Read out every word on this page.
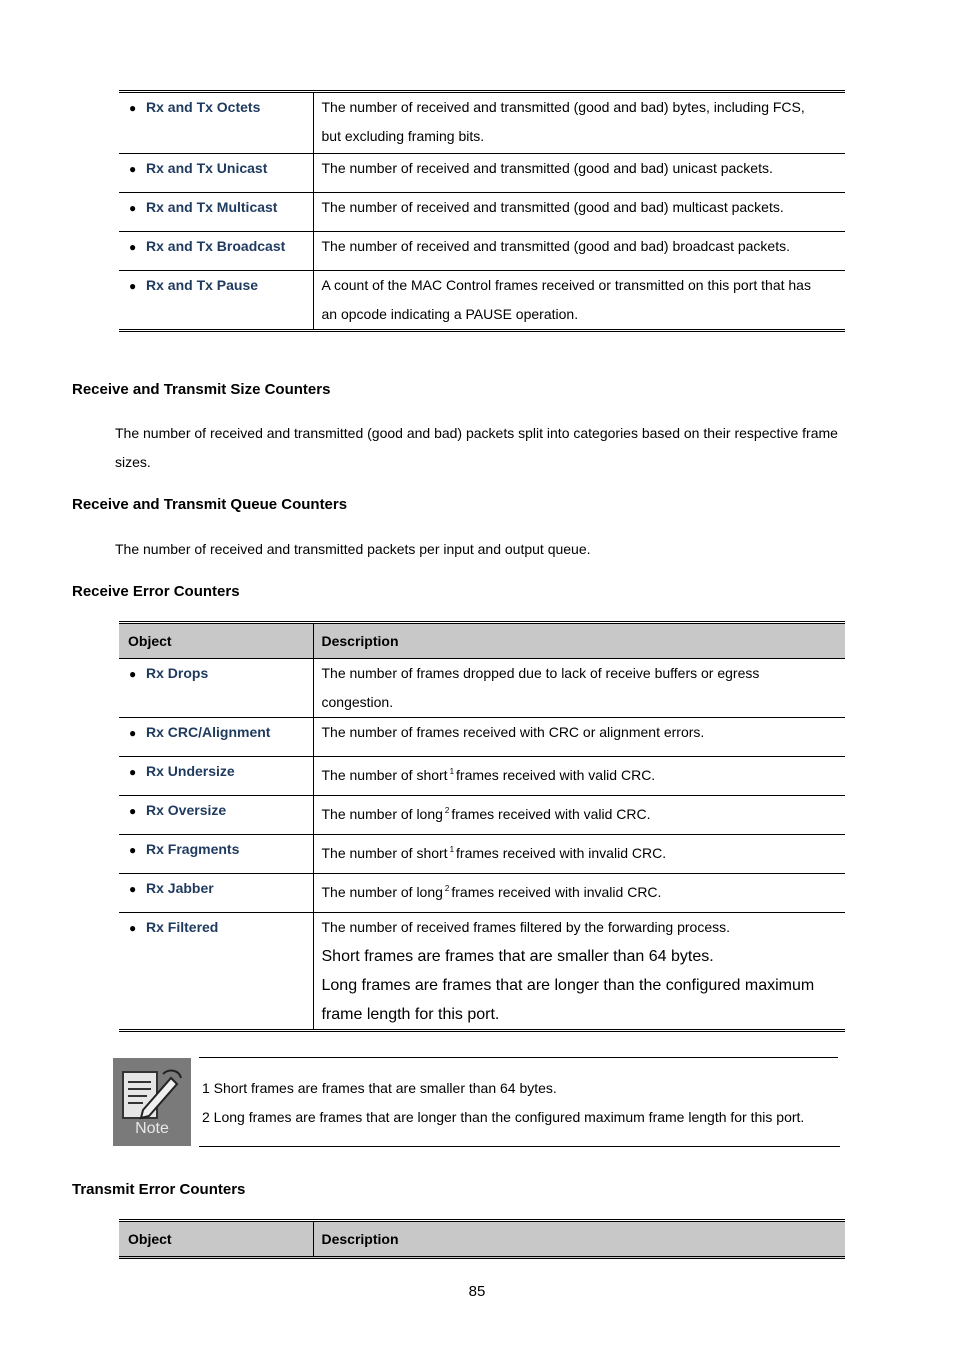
● Rx and Tx Octets	The number of received and transmitted (good and bad) bytes, including FCS,
but excluding framing bits.

● Rx and Tx Unicast	The number of received and transmitted (good and bad) unicast packets.

● Rx and Tx Multicast	The number of received and transmitted (good and bad) multicast packets.

● Rx and Tx Broadcast	The number of received and transmitted (good and bad) broadcast packets.

● Rx and Tx Pause	A count of the MAC Control frames received or transmitted on this port that has
an opcode indicating a PAUSE operation.
Receive and Transmit Size Counters
The number of received and transmitted (good and bad) packets split into categories based on their respective frame
sizes.
Receive and Transmit Queue Counters
The number of received and transmitted packets per input and output queue.
Receive Error Counters
Object	Description
● Rx Drops	The number of frames dropped due to lack of receive buffers or egress
congestion.

● Rx CRC/Alignment	The number of frames received with CRC or alignment errors.

● Rx Undersize	The number of short $^1$ frames received with valid CRC.
● Rx Oversize	The number of long $^2$ frames received with valid CRC.
● Rx Fragments	The number of short $^1$ frames received with invalid CRC.
● Rx Jabber	The number of long $^2$ frames received with invalid CRC.
● Rx Filtered	The number of received frames filtered by the forwarding process.
Short frames are frames that are smaller than 64 bytes.
Long frames are frames that are longer than the configured maximum
frame length for this port.
Note
1 Short frames are frames that are smaller than 64 bytes.
2 Long frames are frames that are longer than the configured maximum frame length for this port.
Transmit Error Counters
Object	Description
85
